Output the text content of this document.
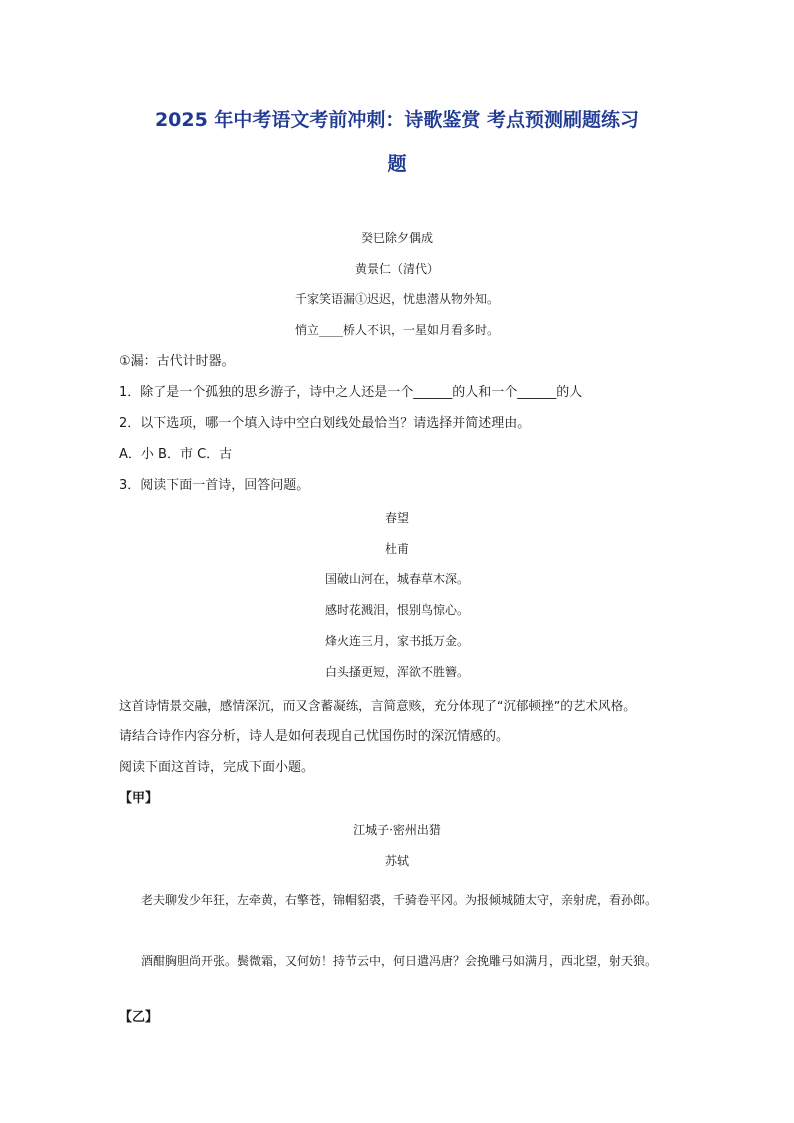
2025 年中考语文考前冲刺：诗歌鉴赏 考点预测刷题练习
题

癸巳除夕偶成

黄景仁（清代）

千家笑语漏①迟迟，忧患潜从物外知。

悄立____桥人不识，一星如月看多时。

①漏：古代计时器。

1．除了是一个孤独的思乡游子，诗中之人还是一个______的人和一个______的人

2．以下选项，哪一个填入诗中空白划线处最恰当？请选择并简述理由。

A．小 B．市 C．古

3．阅读下面一首诗，回答问题。

春望

杜甫

国破山河在，城春草木深。

感时花溅泪，恨别鸟惊心。

烽火连三月，家书抵万金。

白头搔更短，浑欲不胜簪。

这首诗情景交融，感情深沉，而又含蓄凝练，言简意赅，充分体现了“沉郁顿挫”的艺术风格。

请结合诗作内容分析，诗人是如何表现自己忧国伤时的深沉情感的。

阅读下面这首诗，完成下面小题。

【甲】

江城子·密州出猎

苏轼

老夫聊发少年狂，左牵黄，右擎苍，锦帽貂裘，千骑卷平冈。为报倾城随太守，亲射虎，看孙郎。

酒酣胸胆尚开张。鬓微霜，又何妨！持节云中，何日遣冯唐？会挽雕弓如满月，西北望，射天狼。

【乙】
